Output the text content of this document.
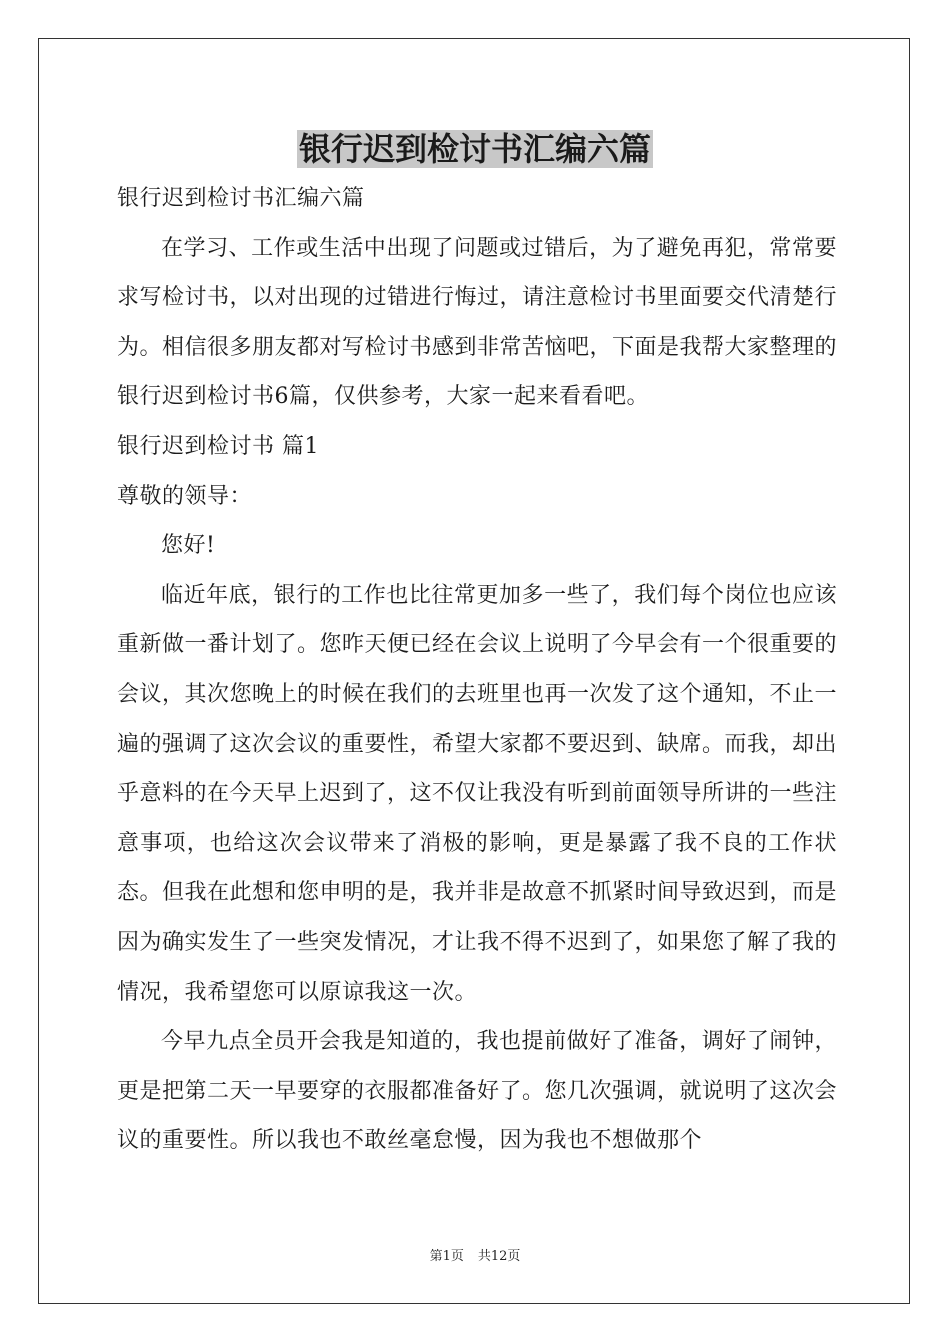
银行迟到检讨书汇编六篇

银行迟到检讨书汇编六篇

在学习、工作或生活中出现了问题或过错后，为了避免再犯，常常要求写检讨书，以对出现的过错进行悔过，请注意检讨书里面要交代清楚行为。相信很多朋友都对写检讨书感到非常苦恼吧，下面是我帮大家整理的银行迟到检讨书6篇，仅供参考，大家一起来看看吧。

银行迟到检讨书 篇1

尊敬的领导：

您好!

临近年底，银行的工作也比往常更加多一些了，我们每个岗位也应该重新做一番计划了。您昨天便已经在会议上说明了今早会有一个很重要的会议，其次您晚上的时候在我们的去班里也再一次发了这个通知，不止一遍的强调了这次会议的重要性，希望大家都不要迟到、缺席。而我，却出乎意料的在今天早上迟到了，这不仅让我没有听到前面领导所讲的一些注意事项，也给这次会议带来了消极的影响，更是暴露了我不良的工作状态。但我在此想和您申明的是，我并非是故意不抓紧时间导致迟到，而是因为确实发生了一些突发情况，才让我不得不迟到了，如果您了解了我的情况，我希望您可以原谅我这一次。

今早九点全员开会我是知道的，我也提前做好了准备，调好了闹钟，更是把第二天一早要穿的衣服都准备好了。您几次强调，就说明了这次会议的重要性。所以我也不敢丝毫怠慢，因为我也不想做那个

第1页 共12页
